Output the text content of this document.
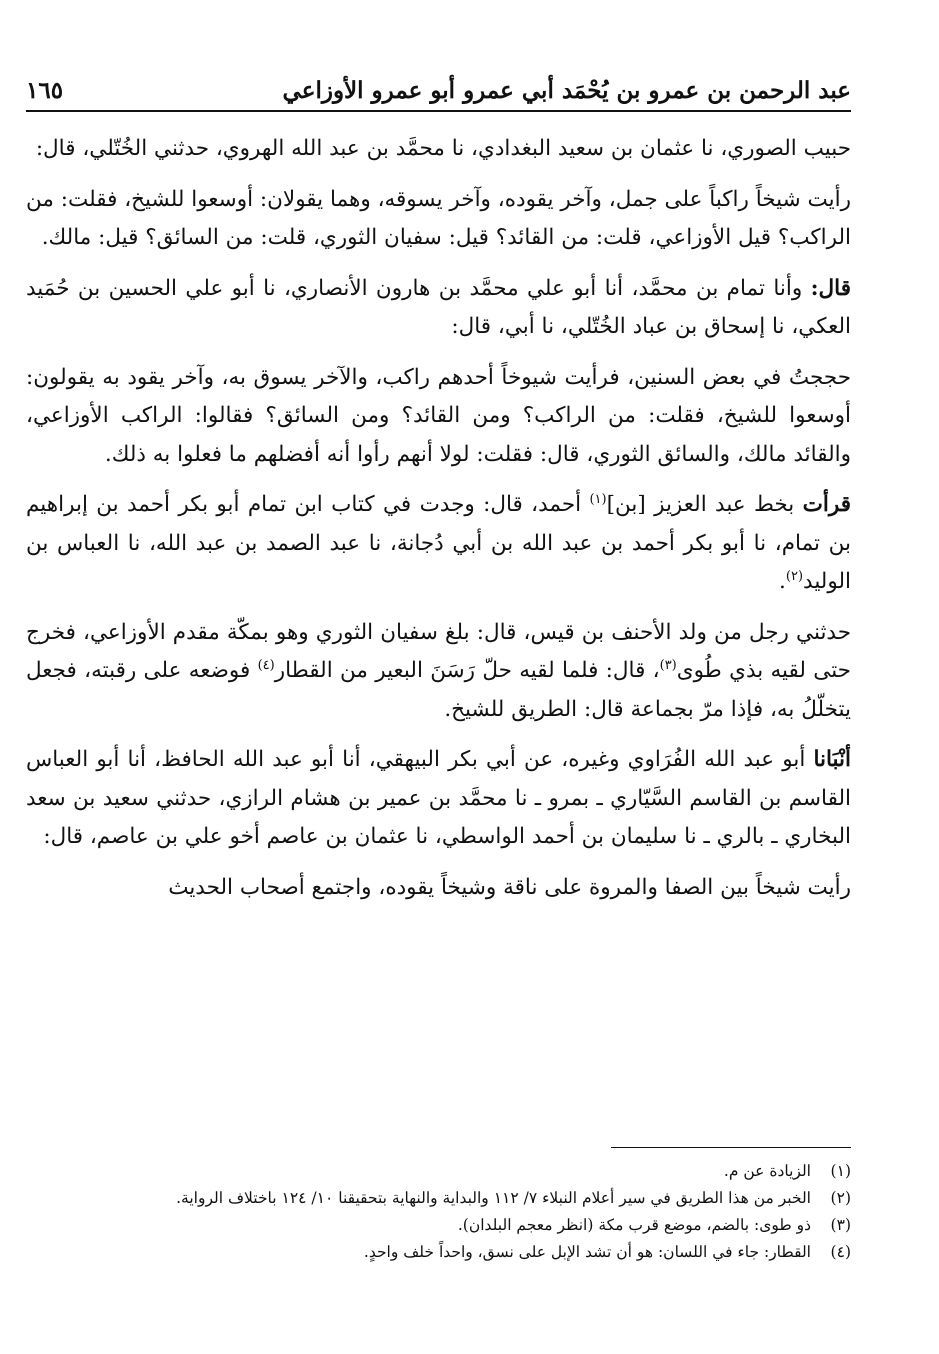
عبد الرحمن بن عمرو بن يُحْمَد أبي عمرو أبو عمرو الأوزاعي
١٦٥

حبيب الصوري، نا عثمان بن سعيد البغدادي، نا محمَّد بن عبد الله الهروي، حدثني الخُتّلي، قال:

رأيت شيخاً راكباً على جمل، وآخر يقوده، وآخر يسوقه، وهما يقولان: أوسعوا للشيخ، فقلت: من الراكب؟ قيل الأوزاعي، قلت: من القائد؟ قيل: سفيان الثوري، قلت: من السائق؟ قيل: مالك.

قال: وأنا تمام بن محمَّد، أنا أبو علي محمَّد بن هارون الأنصاري، نا أبو علي الحسين بن حُمَيد العكي، نا إسحاق بن عباد الخُتّلي، نا أبي، قال:

حججتُ في بعض السنين، فرأيت شيوخاً أحدهم راكب، والآخر يسوق به، وآخر يقود به يقولون: أوسعوا للشيخ، فقلت: من الراكب؟ ومن القائد؟ ومن السائق؟ فقالوا: الراكب الأوزاعي، والقائد مالك، والسائق الثوري، قال: فقلت: لولا أنهم رأوا أنه أفضلهم ما فعلوا به ذلك.

قرأت بخط عبد العزيز [بن]$^{(١)}$ أحمد، قال: وجدت في كتاب ابن تمام أبو بكر أحمد بن إبراهيم بن تمام، نا أبو بكر أحمد بن عبد الله بن أبي دُجانة، نا عبد الصمد بن عبد الله، نا العباس بن الوليد$^{(٢)}$.

حدثني رجل من ولد الأحنف بن قيس، قال: بلغ سفيان الثوري وهو بمكّة مقدم الأوزاعي، فخرج حتى لقيه بذي طُوى$^{(٣)}$، قال: فلما لقيه حلّ رَسَنَ البعير من القطار$^{(٤)}$ فوضعه على رقبته، فجعل يتخلّلُ به، فإذا مرّ بجماعة قال: الطريق للشيخ.

أنْبَانا أبو عبد الله الفُرَاوي وغيره، عن أبي بكر البيهقي، أنا أبو عبد الله الحافظ، أنا أبو العباس القاسم بن القاسم السَّيّاري ـ بمرو ـ نا محمَّد بن عمير بن هشام الرازي، حدثني سعيد بن سعد البخاري ـ بالري ـ نا سليمان بن أحمد الواسطي، نا عثمان بن عاصم أخو علي بن عاصم، قال:

رأيت شيخاً بين الصفا والمروة على ناقة وشيخاً يقوده، واجتمع أصحاب الحديث

(١)
الزيادة عن م.
(٢)
الخبر من هذا الطريق في سير أعلام النبلاء ٧/ ١١٢ والبداية والنهاية بتحقيقنا ١٠/ ١٢٤ باختلاف الرواية.
(٣)
ذو طوى: بالضم، موضع قرب مكة (انظر معجم البلدان).
(٤)
القطار: جاء في اللسان: هو أن تشد الإبل على نسق، واحداً خلف واحدٍ.
